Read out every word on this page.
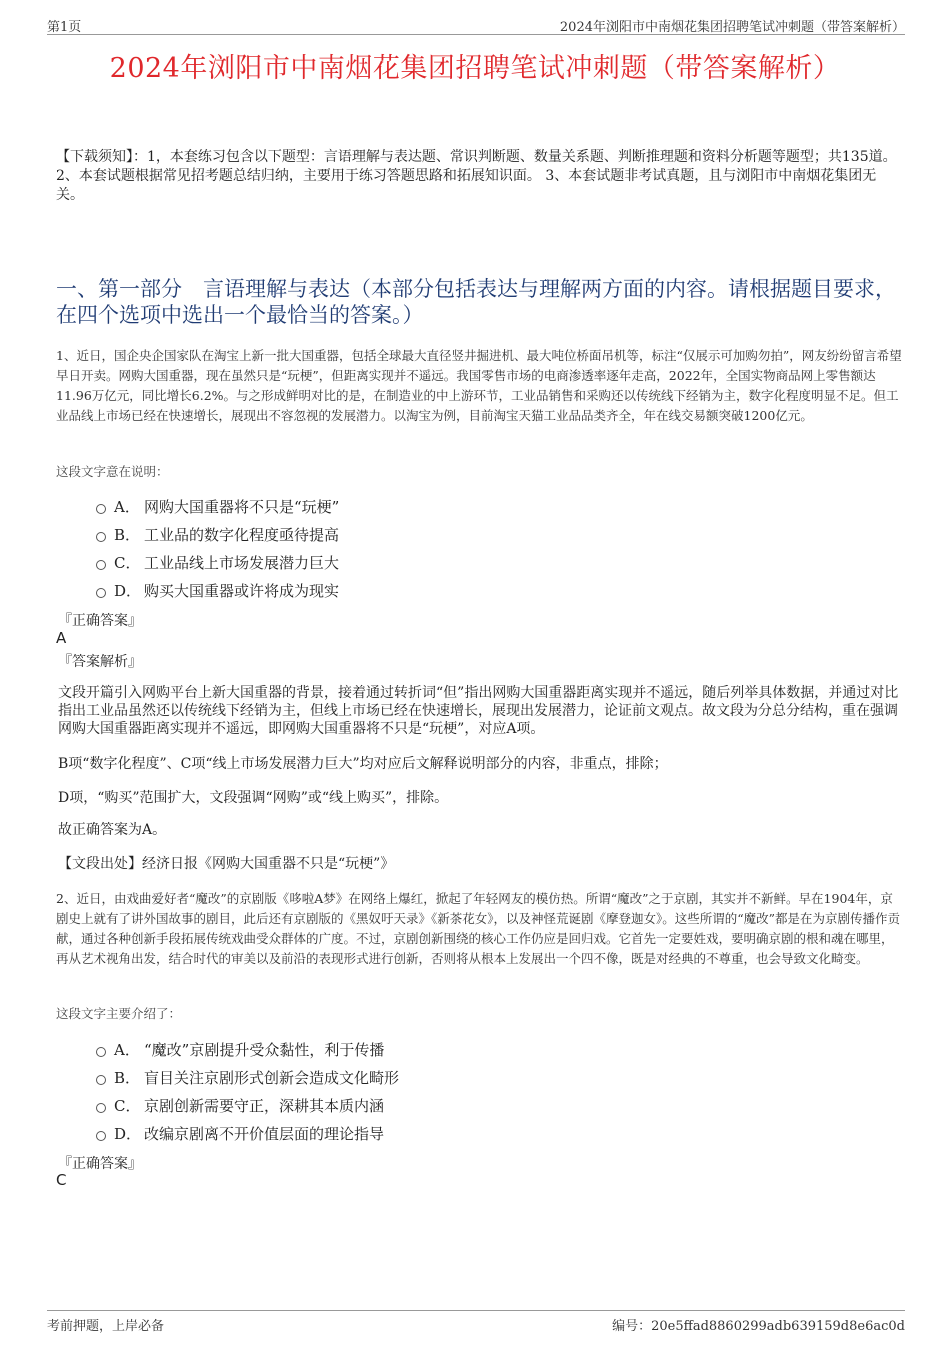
第1页	2024年浏阳市中南烟花集团招聘笔试冲刺题（带答案解析）
2024年浏阳市中南烟花集团招聘笔试冲刺题（带答案解析）
【下载须知】：1，本套练习包含以下题型：言语理解与表达题、常识判断题、数量关系题、判断推理题和资料分析题等题型；共135道。 2、本套试题根据常见招考题总结归纳，主要用于练习答题思路和拓展知识面。 3、本套试题非考试真题，且与浏阳市中南烟花集团无关。
一、第一部分　言语理解与表达（本部分包括表达与理解两方面的内容。请根据题目要求，在四个选项中选出一个最恰当的答案。）
1、近日，国企央企国家队在淘宝上新一批大国重器，包括全球最大直径竖井掘进机、最大吨位桥面吊机等，标注“仅展示可加购勿拍”，网友纷纷留言希望早日开卖。网购大国重器，现在虽然只是“玩梗”，但距离实现并不遥远。我国零售市场的电商渗透率逐年走高，2022年，全国实物商品网上零售额达11.96万亿元，同比增长6.2%。与之形成鲜明对比的是，在制造业的中上游环节，工业品销售和采购还以传统线下经销为主，数字化程度明显不足。但工业品线上市场已经在快速增长，展现出不容忽视的发展潜力。以淘宝为例，目前淘宝天猫工业品品类齐全，年在线交易额突破1200亿元。
这段文字意在说明：
A． 网购大国重器将不只是“玩梗”
B． 工业品的数字化程度亟待提高
C． 工业品线上市场发展潜力巨大
D． 购买大国重器或许将成为现实
『正确答案』
A
『答案解析』
文段开篇引入网购平台上新大国重器的背景，接着通过转折词“但”指出网购大国重器距离实现并不遥远，随后列举具体数据，并通过对比指出工业品虽然还以传统线下经销为主，但线上市场已经在快速增长，展现出发展潜力，论证前文观点。故文段为分总分结构，重在强调网购大国重器距离实现并不遥远，即网购大国重器将不只是“玩梗”，对应A项。
B项“数字化程度”、C项“线上市场发展潜力巨大”均对应后文解释说明部分的内容，非重点，排除；
D项，“购买”范围扩大，文段强调“网购”或“线上购买”，排除。
故正确答案为A。
【文段出处】经济日报《网购大国重器不只是“玩梗”》
2、近日，由戏曲爱好者“魔改”的京剧版《哆啦A梦》在网络上爆红，掀起了年轻网友的模仿热。所谓“魔改”之于京剧，其实并不新鲜。早在1904年，京剧史上就有了讲外国故事的剧目，此后还有京剧版的《黑奴吁天录》《新茶花女》，以及神怪荒诞剧《摩登迦女》。这些所谓的“魔改”都是在为京剧传播作贡献，通过各种创新手段拓展传统戏曲受众群体的广度。不过，京剧创新围绕的核心工作仍应是回归戏。它首先一定要姓戏，要明确京剧的根和魂在哪里，再从艺术视角出发，结合时代的审美以及前沿的表现形式进行创新，否则将从根本上发展出一个四不像，既是对经典的不尊重，也会导致文化畸变。
这段文字主要介绍了：
A． “魔改”京剧提升受众黏性，利于传播
B． 盲目关注京剧形式创新会造成文化畸形
C． 京剧创新需要守正，深耕其本质内涵
D． 改编京剧离不开价值层面的理论指导
『正确答案』
C
考前押题，上岸必备	编号：20e5ffad8860299adb639159d8e6ac0d
